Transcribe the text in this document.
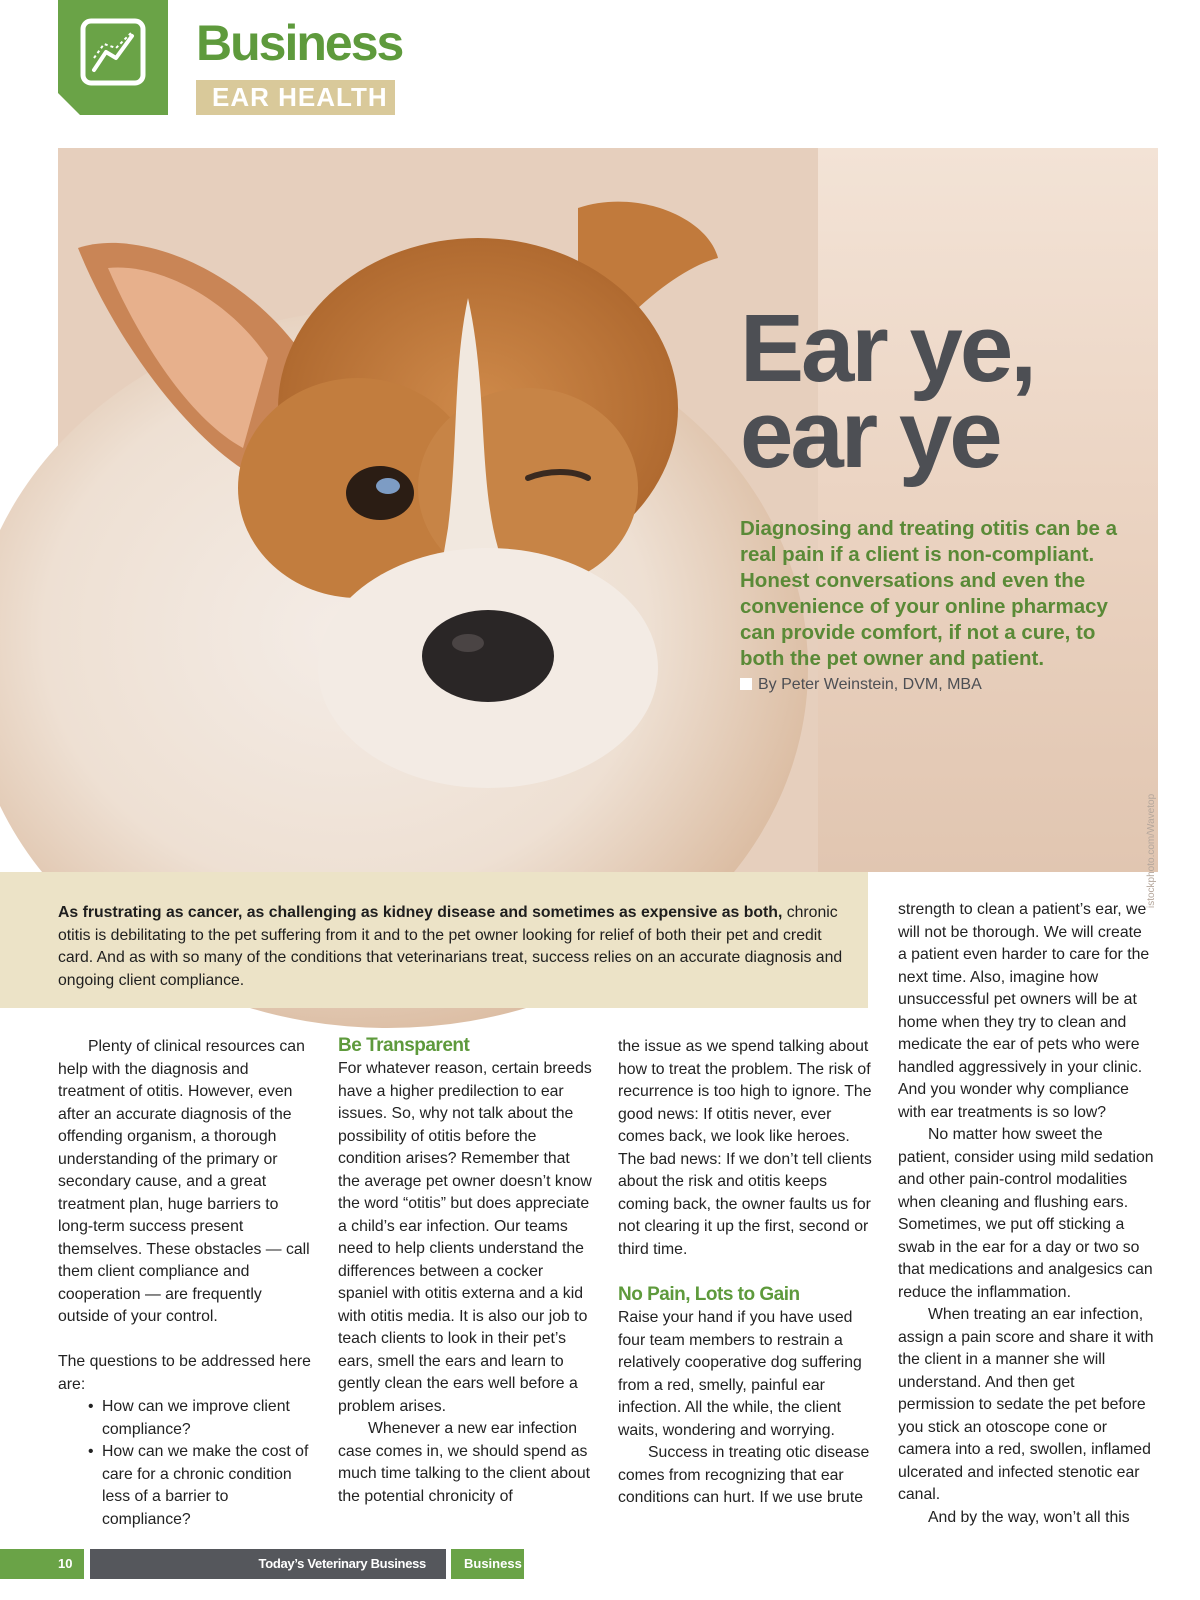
Business
EAR HEALTH
Ear ye,
ear ye
Diagnosing and treating otitis can be a real pain if a client is non-compliant. Honest conversations and even the convenience of your online pharmacy can provide comfort, if not a cure, to both the pet owner and patient.
By Peter Weinstein, DVM, MBA
istockphoto.com/Wavetop
As frustrating as cancer, as challenging as kidney disease and sometimes as expensive as both, chronic otitis is debilitating to the pet suffering from it and to the pet owner looking for relief of both their pet and credit card. And as with so many of the conditions that veterinarians treat, success relies on an accurate diagnosis and ongoing client compliance.

Plenty of clinical resources can help with the diagnosis and treatment of otitis. However, even after an accurate diagnosis of the offending organism, a thorough understanding of the primary or secondary cause, and a great treatment plan, huge barriers to long-term success present themselves. These obstacles — call them client compliance and cooperation — are frequently outside of your control.

The questions to be addressed here are:

• How can we improve client compliance?
• How can we make the cost of care for a chronic condition less of a barrier to compliance?
Be Transparent

For whatever reason, certain breeds have a higher predilection to ear issues. So, why not talk about the possibility of otitis before the condition arises? Remember that the average pet owner doesn’t know the word “otitis” but does appreciate a child’s ear infection. Our teams need to help clients understand the differences between a cocker spaniel with otitis externa and a kid with otitis media. It is also our job to teach clients to look in their pet’s ears, smell the ears and learn to gently clean the ears well before a problem arises.

Whenever a new ear infection case comes in, we should spend as much time talking to the client about the potential chronicity of

the issue as we spend talking about how to treat the problem. The risk of recurrence is too high to ignore. The good news: If otitis never, ever comes back, we look like heroes. The bad news: If we don’t tell clients about the risk and otitis keeps coming back, the owner faults us for not clearing it up the first, second or third time.

No Pain, Lots to Gain

Raise your hand if you have used four team members to restrain a relatively cooperative dog suffering from a red, smelly, painful ear infection. All the while, the client waits, wondering and worrying.

Success in treating otic disease comes from recognizing that ear conditions can hurt. If we use brute

strength to clean a patient’s ear, we will not be thorough. We will create a patient even harder to care for the next time. Also, imagine how unsuccessful pet owners will be at home when they try to clean and medicate the ear of pets who were handled aggressively in your clinic. And you wonder why compliance with ear treatments is so low?

No matter how sweet the patient, consider using mild sedation and other pain-control modalities when cleaning and flushing ears. Sometimes, we put off sticking a swab in the ear for a day or two so that medications and analgesics can reduce the inflammation.

When treating an ear infection, assign a pain score and share it with the client in a manner she will understand. And then get permission to sedate the pet before you stick an otoscope cone or camera into a red, swollen, inflamed ulcerated and infected stenotic ear canal.

And by the way, won’t all this

10	Today’s Veterinary Business	Business
